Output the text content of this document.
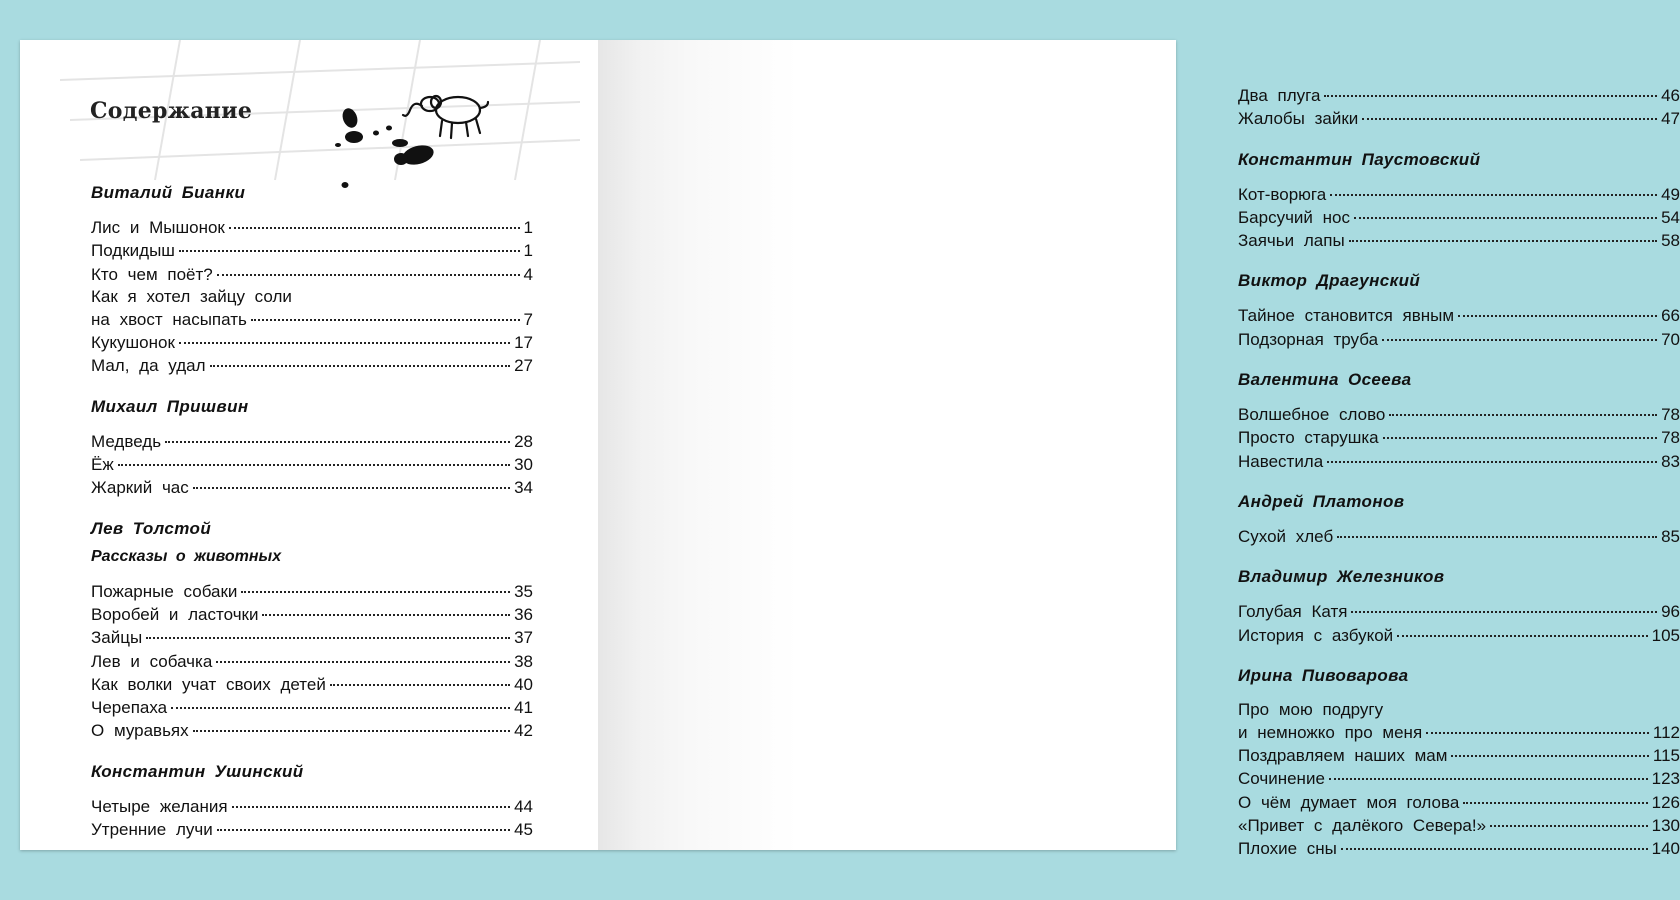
Содержание
Виталий Бианки
Лис и Мышонок	1
Подкидыш	1
Кто чем поёт?	4
Как я хотел зайцу соли
на хвост насыпать	7
Кукушонок	17
Мал, да удал	27
Михаил Пришвин
Медведь	28
Ёж	30
Жаркий час	34
Лев Толстой
Рассказы о животных
Пожарные собаки	35
Воробей и ласточки	36
Зайцы	37
Лев и собачка	38
Как волки учат своих детей	40
Черепаха	41
О муравьях	42
Константин Ушинский
Четыре желания	44
Утренние лучи	45
Два плуга	46
Жалобы зайки	47
Константин Паустовский
Кот-ворюга	49
Барсучий нос	54
Заячьи лапы	58
Виктор Драгунский
Тайное становится явным	66
Подзорная труба	70
Валентина Осеева
Волшебное слово	78
Просто старушка	78
Навестила	83
Андрей Платонов
Сухой хлеб	85
Владимир Железников
Голубая Катя	96
История с азбукой	105
Ирина Пивоварова
Про мою подругу
и немножко про меня	112
Поздравляем наших мам	115
Сочинение	123
О чём думает моя голова	126
«Привет с далёкого Севера!»	130
Плохие сны	140
